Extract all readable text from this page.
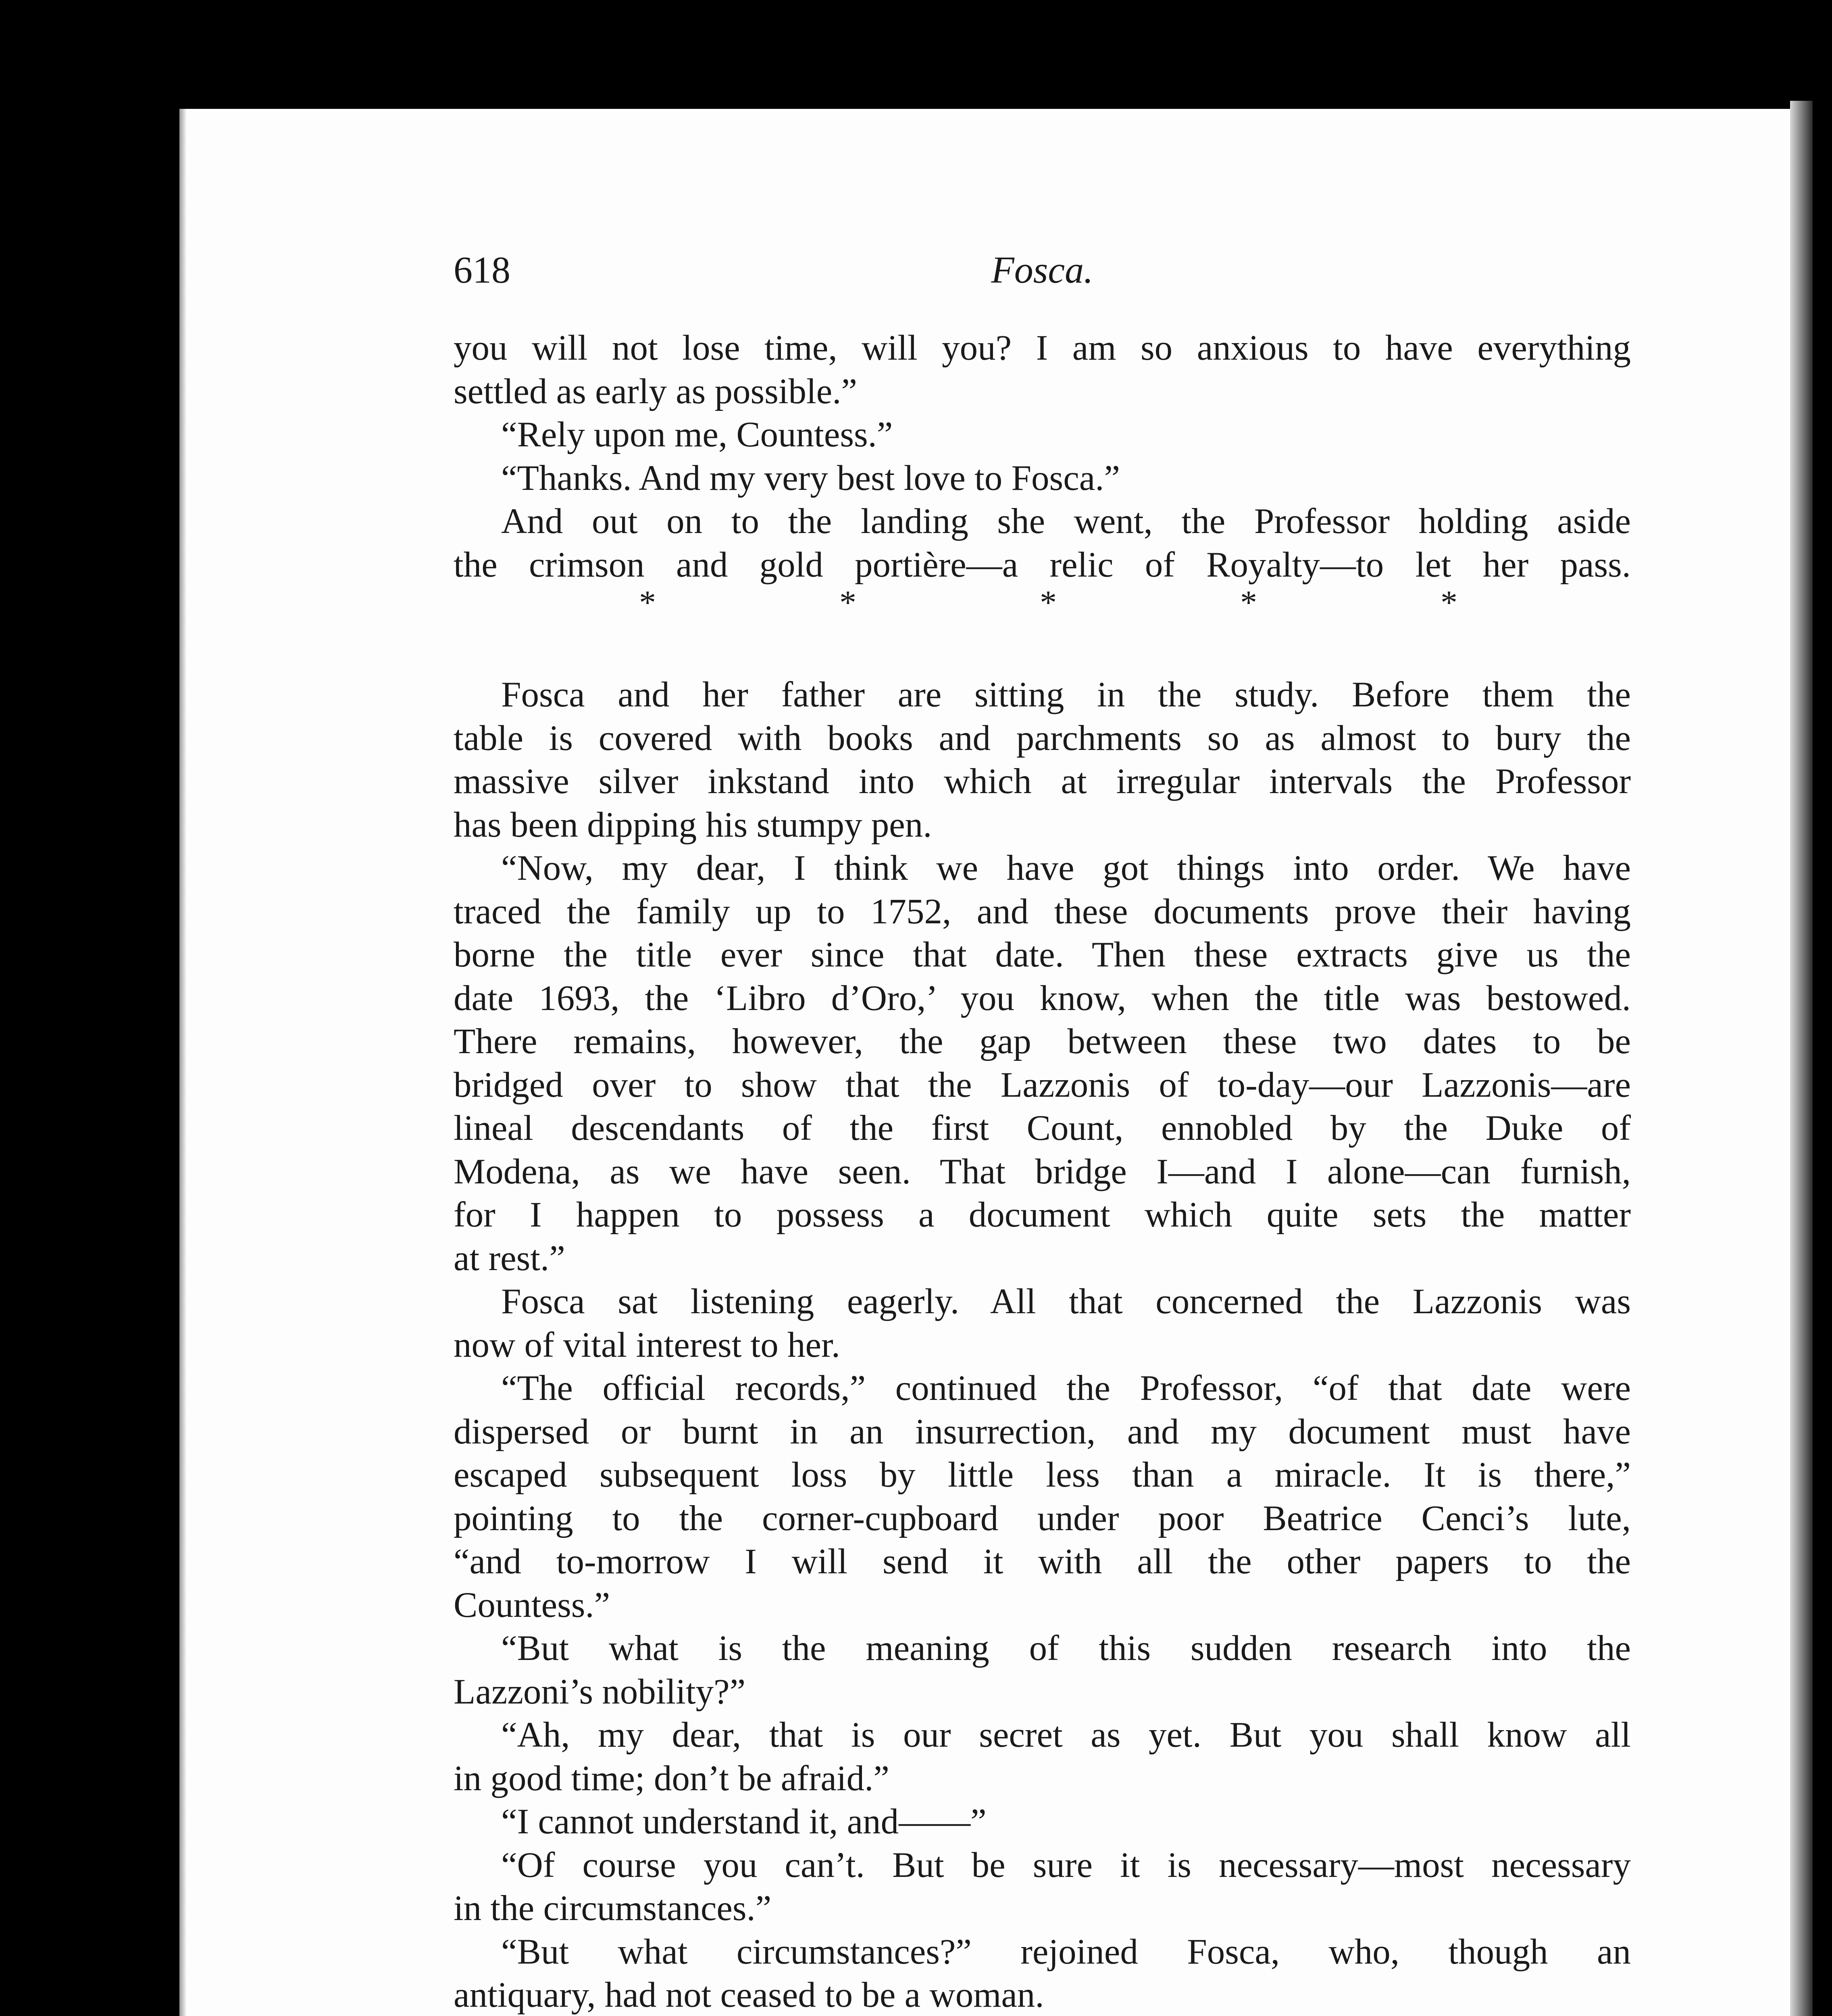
618	Fosca.
you will not lose time, will you? I am so anxious to have everything
settled as early as possible.”
“Rely upon me, Countess.”
“Thanks. And my very best love to Fosca.”
And out on to the landing she went, the Professor holding aside
the crimson and gold portière—a relic of Royalty—to let her pass.
*	*	*	*	*
Fosca and her father are sitting in the study. Before them the
table is covered with books and parchments so as almost to bury the
massive silver inkstand into which at irregular intervals the Professor
has been dipping his stumpy pen.
“Now, my dear, I think we have got things into order. We have
traced the family up to 1752, and these documents prove their having
borne the title ever since that date. Then these extracts give us the
date 1693, the ‘Libro d’Oro,’ you know, when the title was bestowed.
There remains, however, the gap between these two dates to be
bridged over to show that the Lazzonis of to-day—our Lazzonis—are
lineal descendants of the first Count, ennobled by the Duke of
Modena, as we have seen. That bridge I—and I alone—can furnish,
for I happen to possess a document which quite sets the matter
at rest.”
Fosca sat listening eagerly. All that concerned the Lazzonis was
now of vital interest to her.
“The official records,” continued the Professor, “of that date were
dispersed or burnt in an insurrection, and my document must have
escaped subsequent loss by little less than a miracle. It is there,”
pointing to the corner-cupboard under poor Beatrice Cenci’s lute,
“and to-morrow I will send it with all the other papers to the
Countess.”
“But what is the meaning of this sudden research into the
Lazzoni’s nobility?”
“Ah, my dear, that is our secret as yet. But you shall know all
in good time; don’t be afraid.”
“I cannot understand it, and——”
“Of course you can’t. But be sure it is necessary—most necessary
in the circumstances.”
“But what circumstances?” rejoined Fosca, who, though an
antiquary, had not ceased to be a woman.
